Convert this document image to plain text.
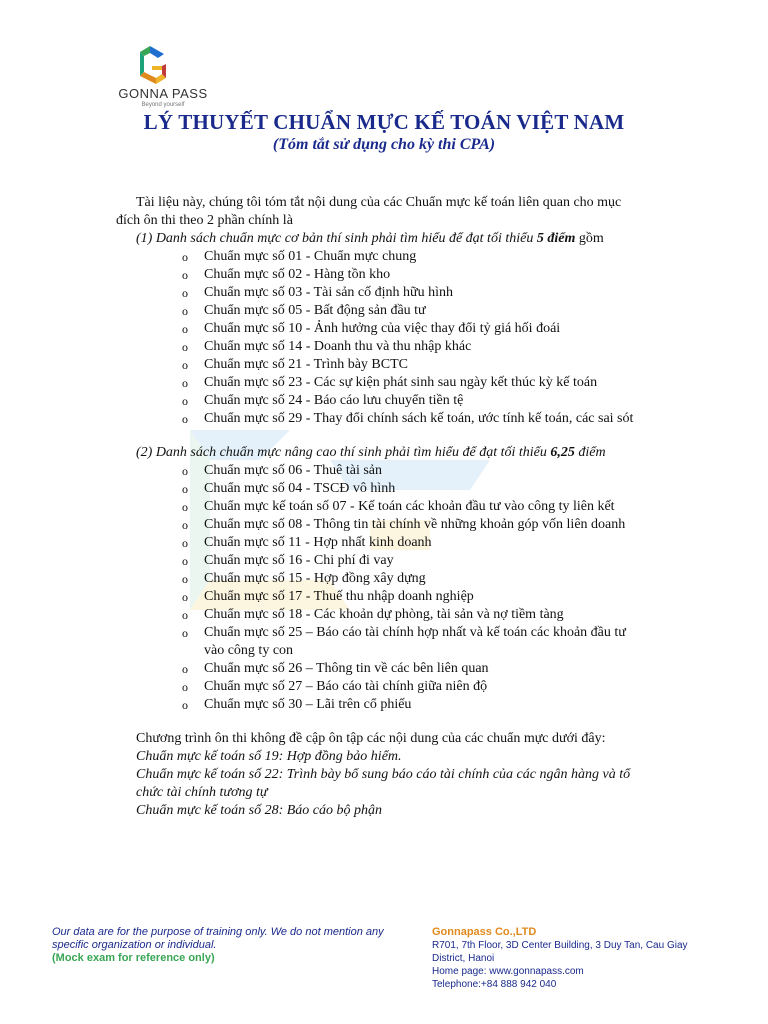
GONNA PASS
Beyond yourself
LÝ THUYẾT CHUẨN MỰC KẾ TOÁN VIỆT NAM
(Tóm tắt sử dụng cho kỳ thi CPA)
Tài liệu này, chúng tôi tóm tắt nội dung của các Chuẩn mực kế toán liên quan cho mục
đích ôn thi theo 2 phần chính là
(1) Danh sách chuẩn mực cơ bản thí sinh phải tìm hiểu để đạt tối thiểu 5 điểm gồm
o Chuẩn mực số 01 - Chuẩn mực chung
o Chuẩn mực số 02 - Hàng tồn kho
o Chuẩn mực số 03 - Tài sản cố định hữu hình
o Chuẩn mực số 05 - Bất động sản đầu tư
o Chuẩn mực số 10 - Ảnh hưởng của việc thay đổi tỷ giá hối đoái
o Chuẩn mực số 14 - Doanh thu và thu nhập khác
o Chuẩn mực số 21 - Trình bày BCTC
o Chuẩn mực số 23 - Các sự kiện phát sinh sau ngày kết thúc kỳ kế toán
o Chuẩn mực số 24 - Báo cáo lưu chuyển tiền tệ
o Chuẩn mực số 29 - Thay đổi chính sách kế toán, ước tính kế toán, các sai sót
(2) Danh sách chuẩn mực nâng cao thí sinh phải tìm hiểu để đạt tối thiểu 6,25 điểm
o Chuẩn mực số 06 - Thuê tài sản
o Chuẩn mực số 04 - TSCĐ vô hình
o Chuẩn mực kế toán số 07 - Kế toán các khoản đầu tư vào công ty liên kết
o Chuẩn mực số 08 - Thông tin tài chính về những khoản góp vốn liên doanh
o Chuẩn mực số 11 - Hợp nhất kinh doanh
o Chuẩn mực số 16 - Chi phí đi vay
o Chuẩn mực số 15 - Hợp đồng xây dựng
o Chuẩn mực số 17 - Thuế thu nhập doanh nghiệp
o Chuẩn mực số 18 - Các khoản dự phòng, tài sản và nợ tiềm tàng
o Chuẩn mực số 25 – Báo cáo tài chính hợp nhất và kế toán các khoản đầu tư
vào công ty con
o Chuẩn mực số 26 – Thông tin về các bên liên quan
o Chuẩn mực số 27 – Báo cáo tài chính giữa niên độ
o Chuẩn mực số 30 – Lãi trên cổ phiếu
Chương trình ôn thi không đề cập ôn tập các nội dung của các chuẩn mực dưới đây:
Chuẩn mực kế toán số 19: Hợp đồng bảo hiểm.
Chuẩn mực kế toán số 22: Trình bày bổ sung báo cáo tài chính của các ngân hàng và tổ
chức tài chính tương tự
Chuẩn mực kế toán số 28: Báo cáo bộ phận
Our data are for the purpose of training only. We do not mention any
specific organization or individual.
(Mock exam for reference only)
Gonnapass Co.,LTD
R701, 7th Floor, 3D Center Building, 3 Duy Tan, Cau Giay
District, Hanoi
Home page: www.gonnapass.com
Telephone:+84 888 942 040
